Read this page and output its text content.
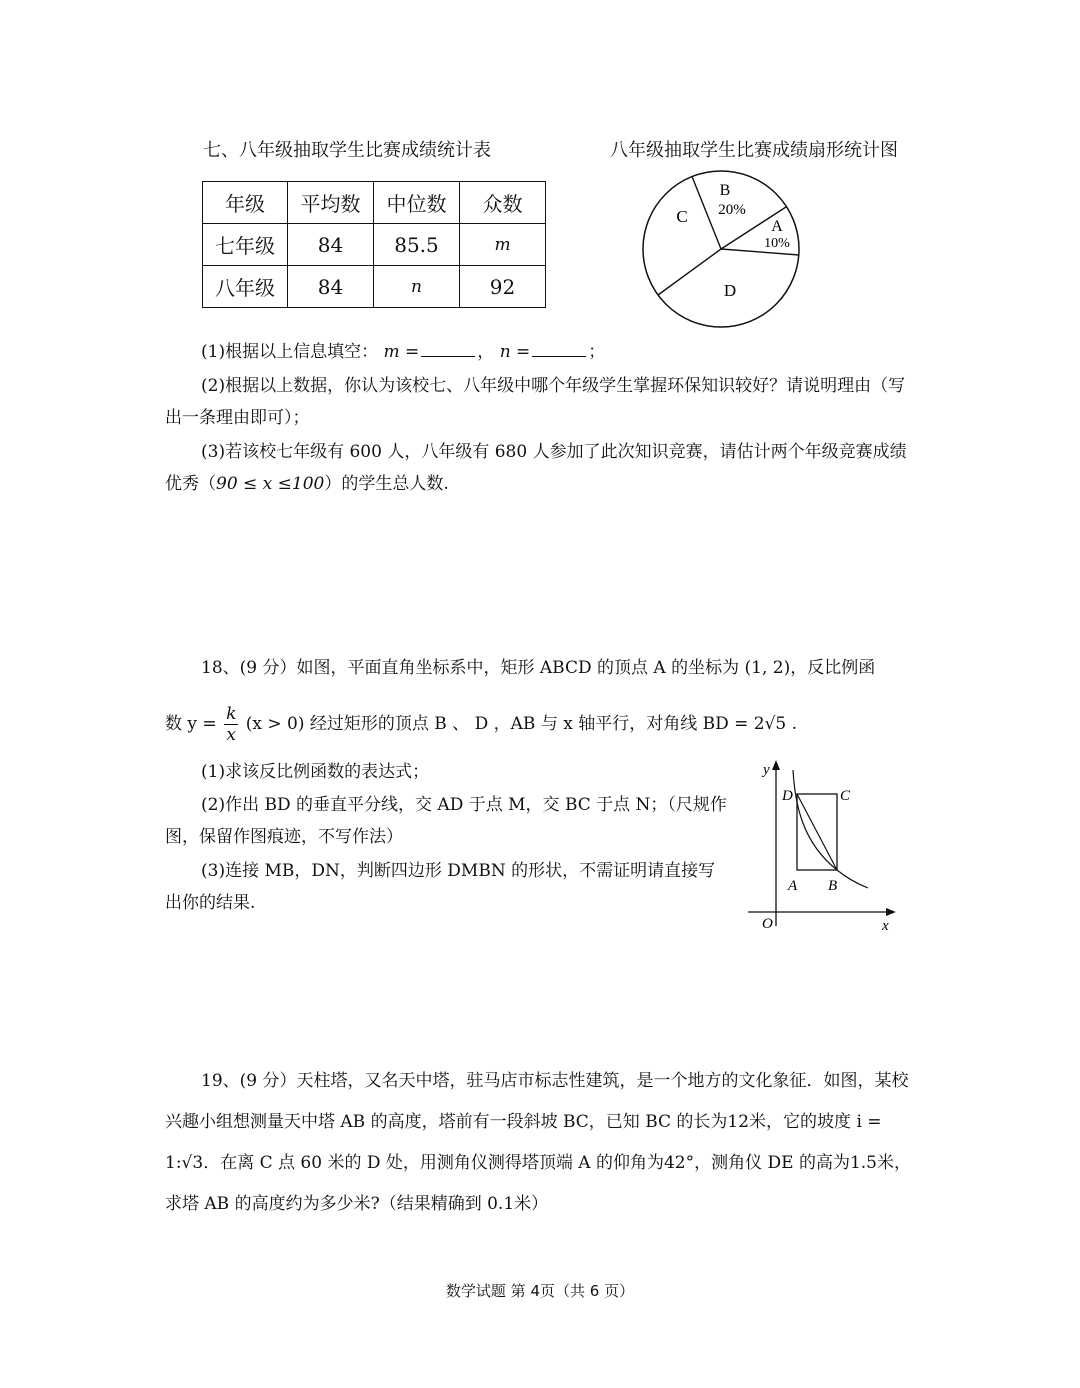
七、八年级抽取学生比赛成绩统计表	八年级抽取学生比赛成绩扇形统计图
年级	平均数	中位数	众数
七年级	84	85.5	m
八年级	84	n	92
B
20%
A
10%
C
D
(1)根据以上信息填空： m =	， n =	；
(2)根据以上数据，你认为该校七、八年级中哪个年级学生掌握环保知识较好？请说明理由（写出一条理由即可）；
(3)若该校七年级有 600 人，八年级有 680 人参加了此次知识竞赛，请估计两个年级竞赛成绩优秀（90 ≤ x ≤100）的学生总人数.
18、(9 分）如图，平面直角坐标系中，矩形 ABCD 的顶点 A 的坐标为 (1, 2)，反比例函
数 $y = \frac{k}{x} (x > 0)$ 经过矩形的顶点 B 、 D ，AB 与 x 轴平行，对角线 BD = 2√5 .
(1)求该反比例函数的表达式；
(2)作出 BD 的垂直平分线，交 AD 于点 M，交 BC 于点 N；（尺规作图，保留作图痕迹，不写作法）
(3)连接 MB，DN，判断四边形 DMBN 的形状，不需证明请直接写出你的结果.
y
x
O
D	C
A B
19、(9 分）天柱塔，又名天中塔，驻马店市标志性建筑，是一个地方的文化象征．如图，某校兴趣小组想测量天中塔 AB 的高度，塔前有一段斜坡 BC，已知 BC 的长为12米，它的坡度 i = 1:√3．在离 C 点 60 米的 D 处，用测角仪测得塔顶端 A 的仰角为42°，测角仪 DE 的高为1.5米，求塔 AB 的高度约为多少米?（结果精确到 0.1米）
数学试题 第 4页（共 6 页）
